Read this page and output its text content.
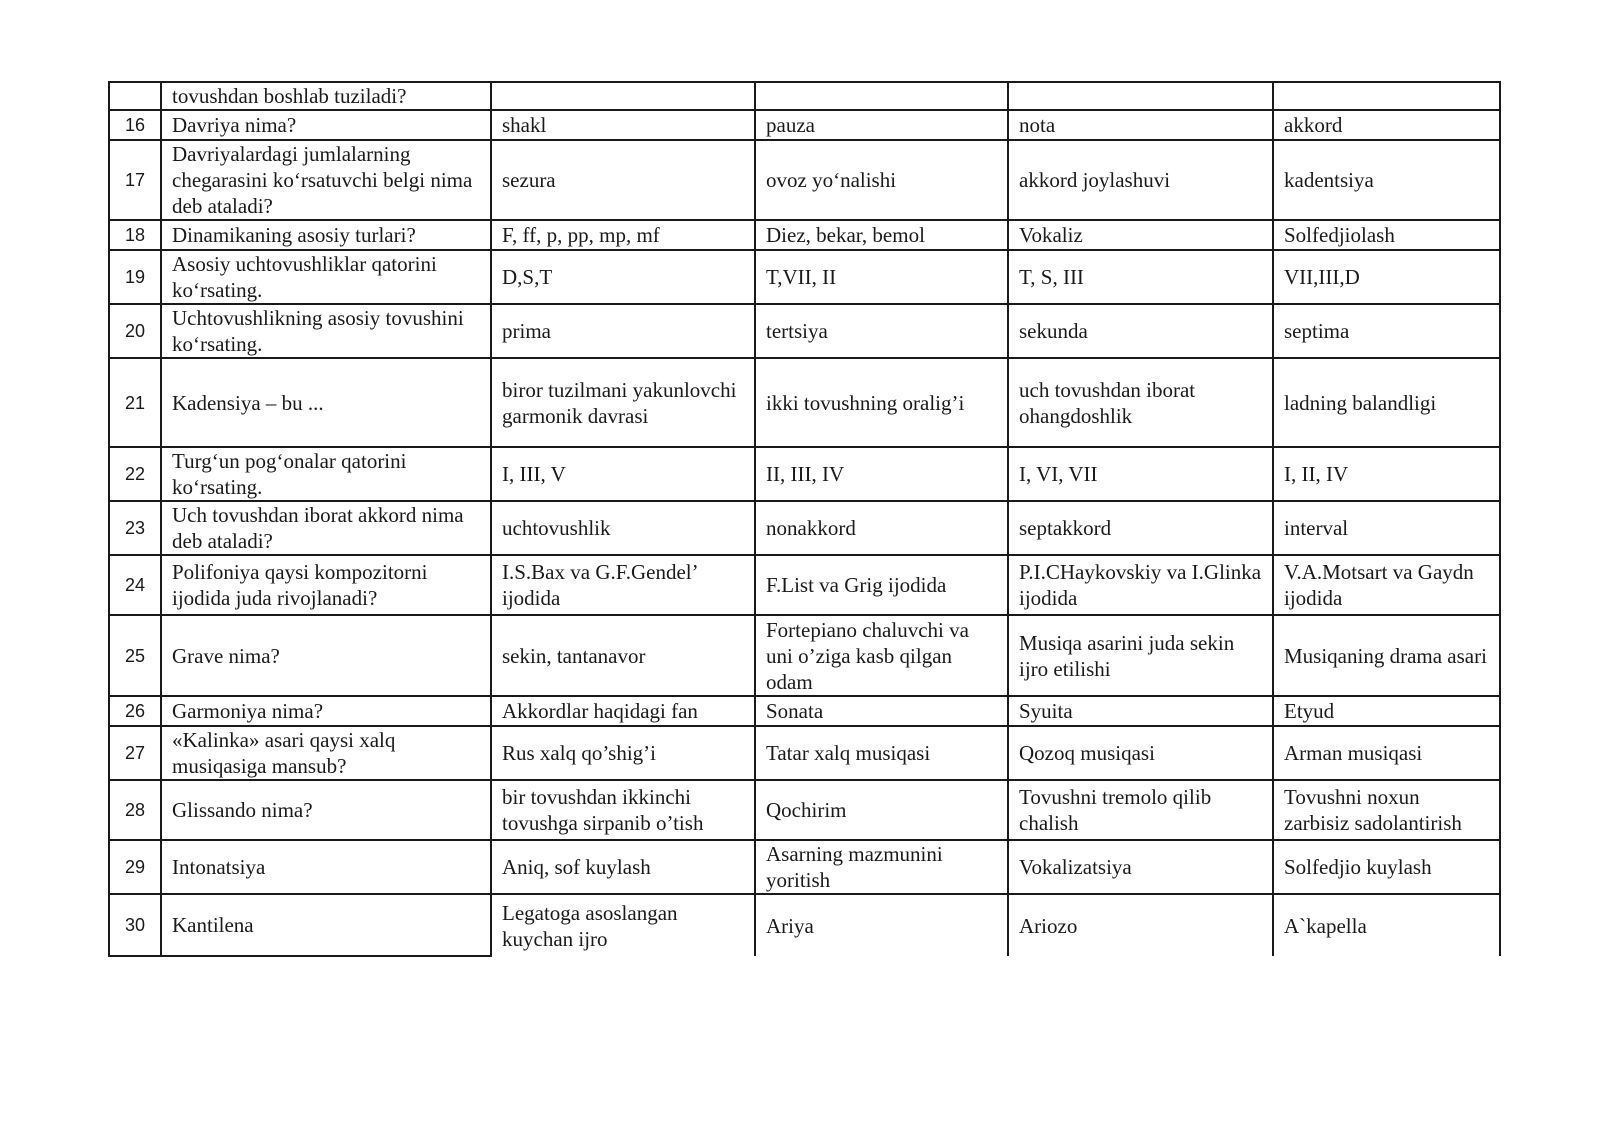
	tovushdan boshlab tuziladi?				
16	Davriya nima?	shakl	pauza	nota	akkord
17	Davriyalardagi jumlalarning chegarasini ko‘rsatuvchi belgi nima deb ataladi?	sezura	ovoz yo‘nalishi	akkord joylashuvi	kadentsiya
18	Dinamikaning asosiy turlari?	F, ff, p, pp, mp, mf	Diez, bekar, bemol	Vokaliz	Solfedjiolash
19	Asosiy uchtovushliklar qatorini ko‘rsating.	D,S,T	T,VII, II	T, S, III	VII,III,D
20	Uchtovushlikning asosiy tovushini ko‘rsating.	prima	tertsiya	sekunda	septima
21	Kadensiya – bu ...	biror tuzilmani yakunlovchi garmonik davrasi	ikki tovushning oralig’i	uch tovushdan iborat ohangdoshlik	ladning balandligi
22	Turg‘un pog‘onalar qatorini ko‘rsating.	I, III, V	II, III, IV	I, VI, VII	I, II, IV
23	Uch tovushdan iborat akkord nima deb ataladi?	uchtovushlik	nonakkord	septakkord	interval
24	Polifoniya qaysi kompozitorni ijodida juda rivojlanadi?	I.S.Bax va G.F.Gendel’ ijodida	F.List va Grig ijodida	P.I.CHaykovskiy va I.Glinka ijodida	V.A.Motsart va Gaydn ijodida
25	Grave nima?	sekin, tantanavor	Fortepiano chaluvchi va uni o’ziga kasb qilgan odam	Musiqa asarini juda sekin ijro etilishi	Musiqaning drama asari
26	Garmoniya nima?	Akkordlar haqidagi fan	Sonata	Syuita	Etyud
27	«Kalinka» asari qaysi xalq musiqasiga mansub?	Rus xalq qo’shig’i	Tatar xalq musiqasi	Qozoq musiqasi	Arman musiqasi
28	Glissando nima?	bir tovushdan ikkinchi tovushga sirpanib o’tish	Qochirim	Tovushni tremolo qilib chalish	Tovushni noxun zarbisiz sadolantirish
29	Intonatsiya	Aniq, sof kuylash	Asarning mazmunini yoritish	Vokalizatsiya	Solfedjio kuylash
30	Kantilena	Legatoga asoslangan kuychan ijro	Ariya	Ariozo	A`kapella
